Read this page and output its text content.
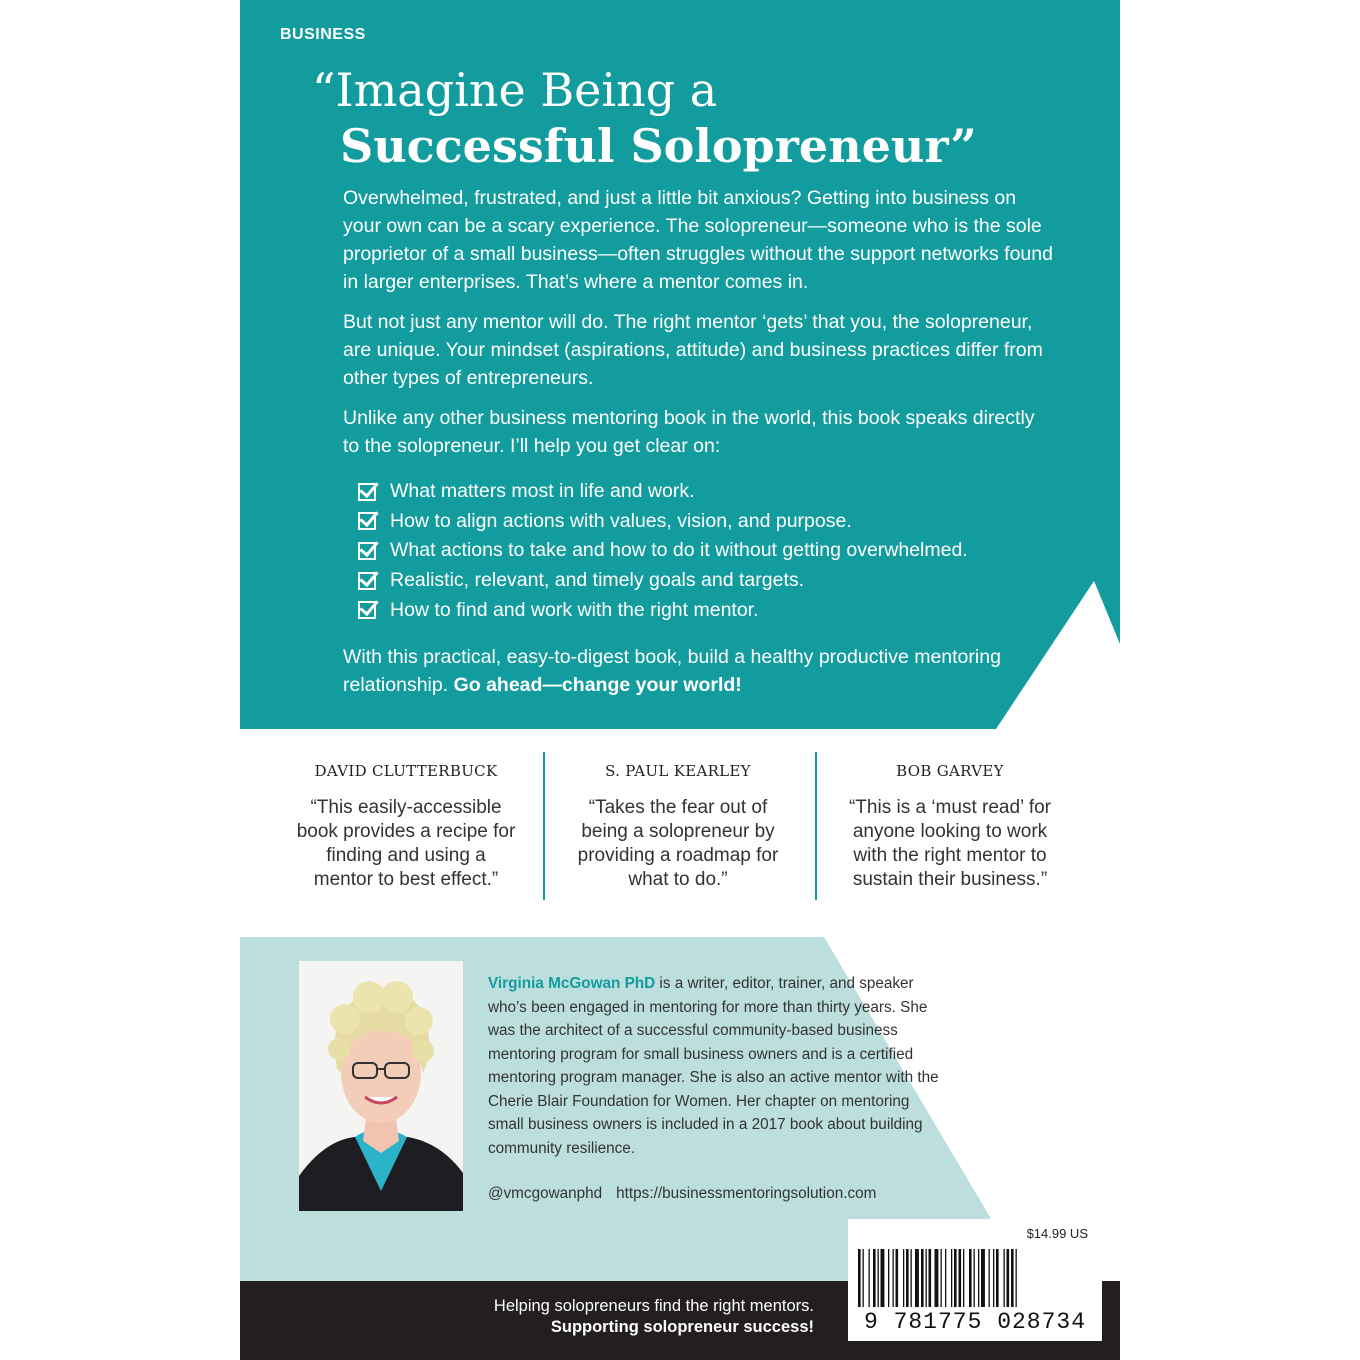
BUSINESS
“Imagine Being a
Successful Solopreneur”

Overwhelmed, frustrated, and just a little bit anxious? Getting into business on your own can be a scary experience. The solopreneur—someone who is the sole proprietor of a small business—often struggles without the support networks found in larger enterprises. That’s where a mentor comes in.

But not just any mentor will do. The right mentor ‘gets’ that you, the solopreneur, are unique. Your mindset (aspirations, attitude) and business practices differ from other types of entrepreneurs.

Unlike any other business mentoring book in the world, this book speaks directly to the solopreneur. I’ll help you get clear on:

What matters most in life and work.
How to align actions with values, vision, and purpose.
What actions to take and how to do it without getting overwhelmed.
Realistic, relevant, and timely goals and targets.
How to find and work with the right mentor.

With this practical, easy-to-digest book, build a healthy productive mentoring relationship. Go ahead—change your world!

DAVID CLUTTERBUCK

“This easily-accessible book provides a recipe for finding and using a mentor to best effect.”

S. PAUL KEARLEY

“Takes the fear out of being a solopreneur by providing a roadmap for what to do.”

BOB GARVEY

“This is a ‘must read’ for anyone looking to work with the right mentor to sustain their business.”

Virginia McGowan PhD is a writer, editor, trainer, and speaker who’s been engaged in mentoring for more than thirty years. She was the architect of a successful community-based business mentoring program for small business owners and is a certified mentoring program manager. She is also an active mentor with the Cherie Blair Foundation for Women. Her chapter on mentoring small business owners is included in a 2017 book about building community resilience.

@vmcgowanphd https://businessmentoringsolution.com

Helping solopreneurs find the right mentors.

Supporting solopreneur success!

$14.99 US

9 781775 028734
